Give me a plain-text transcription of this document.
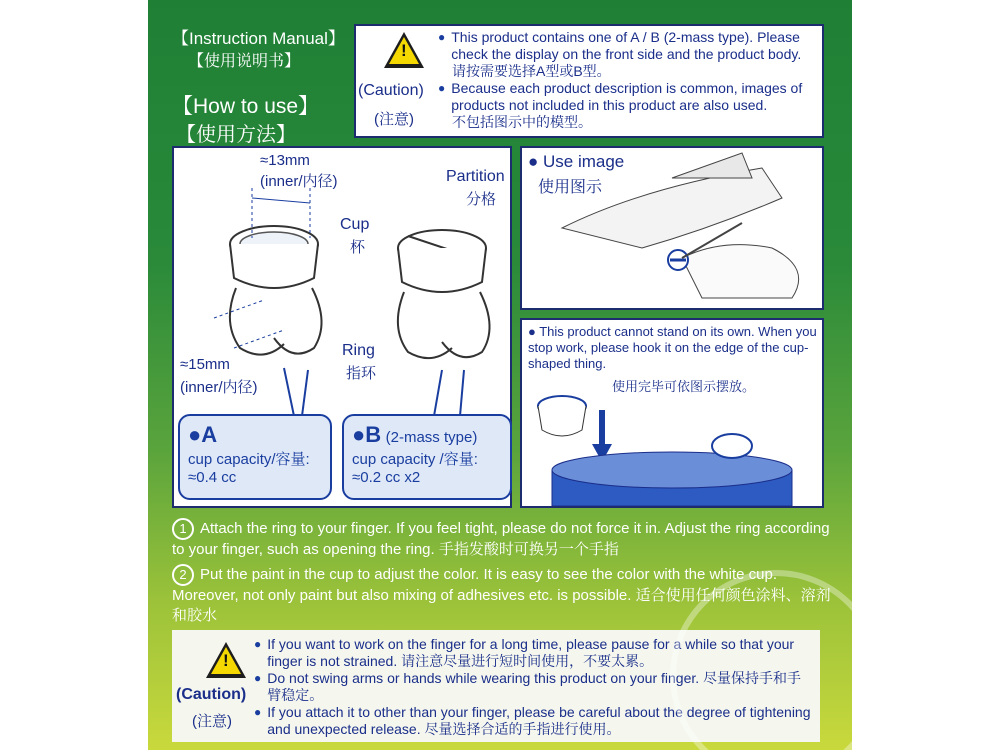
【Instruction Manual】
【使用说明书】
【How to use】
【使用方法】
!
(Caution)
(注意)
● This product contains one of A / B (2-mass type). Please check the display on the front side and the product body.
请按需要选择A型或B型。
● Because each product description is common, images of products not included in this product are also used.
不包括图示中的模型。
≈13mm
(inner/内径)	Partition
分格
Cup
杯
Ring
指环
≈15mm
(inner/内径)
●A
cup capacity/容量:
≈0.4 cc
●B (2-mass type)
cup capacity /容量:
≈0.2 cc x2
● Use image
使用图示
● This product cannot stand on its own. When you stop work, please hook it on the edge of the cup-shaped thing.
使用完毕可依图示摆放。
1 Attach the ring to your finger. If you feel tight, please do not force it in. Adjust the ring according to your finger, such as opening the ring. 手指发酸时可换另一个手指
2 Put the paint in the cup to adjust the color. It is easy to see the color with the white cup. Moreover, not only paint but also mixing of adhesives etc. is possible. 适合使用任何颜色涂料、溶剂和胶水
!
(Caution)
(注意)
● If you want to work on the finger for a long time, please pause for a while so that your finger is not strained. 请注意尽量进行短时间使用，不要太累。
● Do not swing arms or hands while wearing this product on your finger. 尽量保持手和手臂稳定。
● If you attach it to other than your finger, please be careful about the degree of tightening and unexpected release. 尽量选择合适的手指进行使用。
